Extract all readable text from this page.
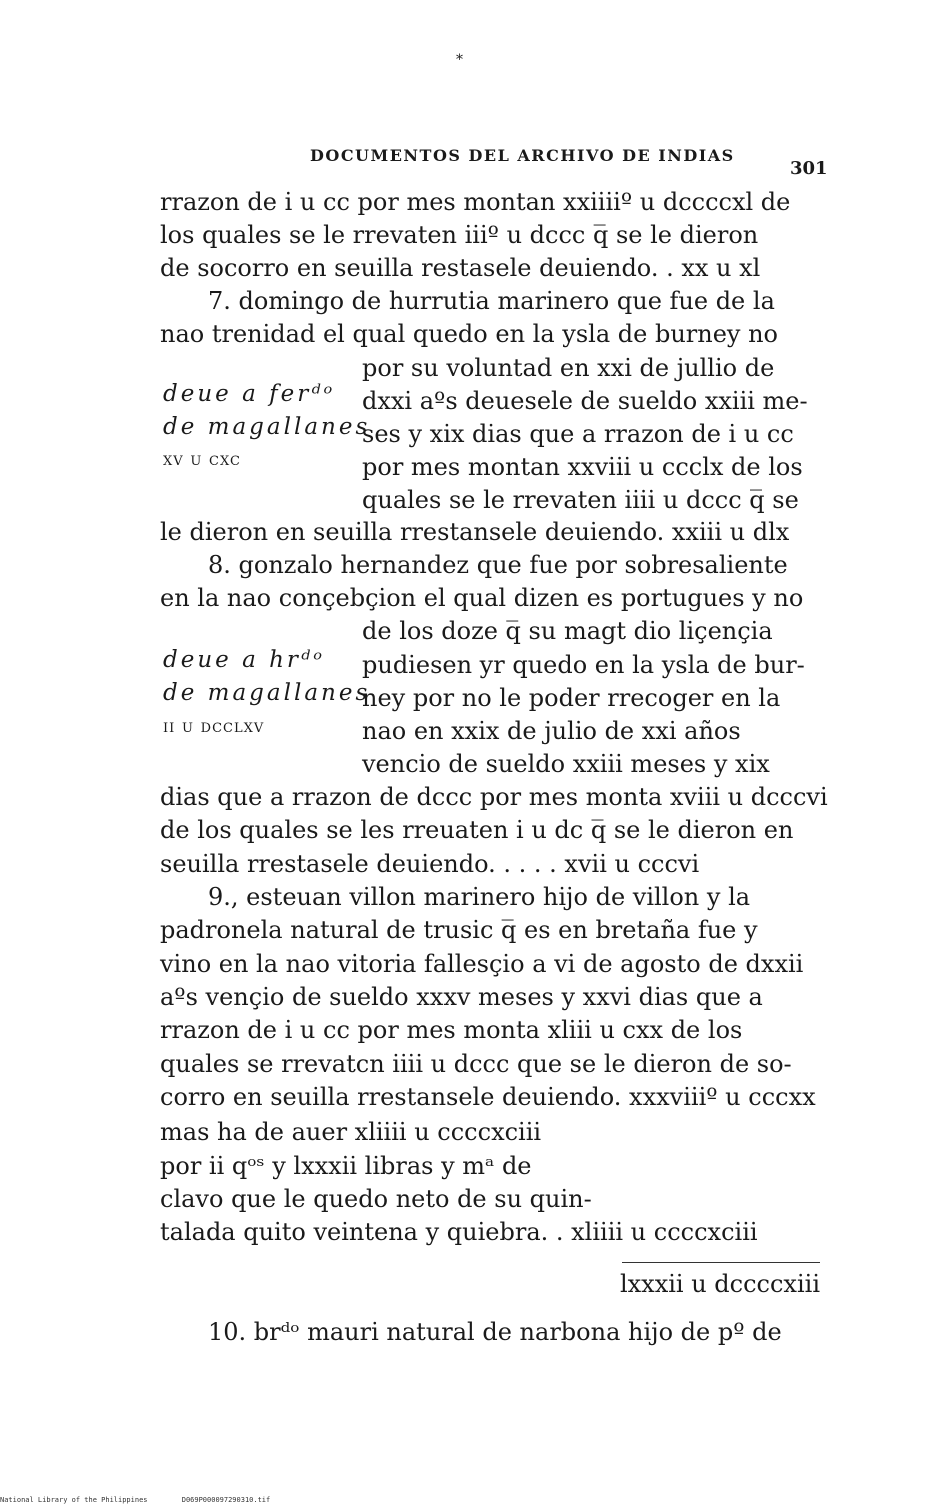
*
DOCUMENTOS DEL ARCHIVO DE INDIAS
301
rrazon de i u cc por mes montan xxiiiiº u dccccxl de
los quales se le rrevaten iiiº u dccc q̅ se le dieron
de socorro en seuilla restasele deuiendo. . xx u xl
7. domingo de hurrutia marinero que fue de la
nao trenidad el qual quedo en la ysla de burney no
por su voluntad en xxi de jullio de
dxxi aºs deuesele de sueldo xxiii me-
ses y xix dias que a rrazon de i u cc
por mes montan xxviii u ccclx de los
quales se le rrevaten iiii u dccc q̅ se
deue a ferᵈᵒ
de magallanes
xv u cxc
le dieron en seuilla rrestansele deuiendo. xxiii u dlx
8. gonzalo hernandez que fue por sobresaliente
en la nao conçebçion el qual dizen es portugues y no
de los doze q̅ su magt dio liçençia
pudiesen yr quedo en la ysla de bur-
ney por no le poder rrecoger en la
nao en xxix de julio de xxi años
vencio de sueldo xxiii meses y xix
deue a hrᵈᵒ
de magallanes
ii u dcclxv
dias que a rrazon de dccc por mes monta xviii u dcccvi
de los quales se les rreuaten i u dc q̅ se le dieron en
seuilla rrestasele deuiendo. . . . . xvii u cccvi
9., esteuan villon marinero hijo de villon y la
padronela natural de trusic q̅ es en bretaña fue y
vino en la nao vitoria fallesçio a vi de agosto de dxxii
aºs vençio de sueldo xxxv meses y xxvi dias que a
rrazon de i u cc por mes monta xliii u cxx de los
quales se rrevatcn iiii u dccc que se le dieron de so-
corro en seuilla rrestansele deuiendo. xxxviiiº u cccxx
mas ha de auer xliiii u ccccxciii
por ii qᵒˢ y lxxxii libras y mᵃ de
clavo que le quedo neto de su quin-
talada quito veintena y quiebra. . xliiii u ccccxciii
lxxxii u dccccxiii
10. brᵈᵒ mauri natural de narbona hijo de pº de
National Library of the Philippines	D069P000097290310.tif
